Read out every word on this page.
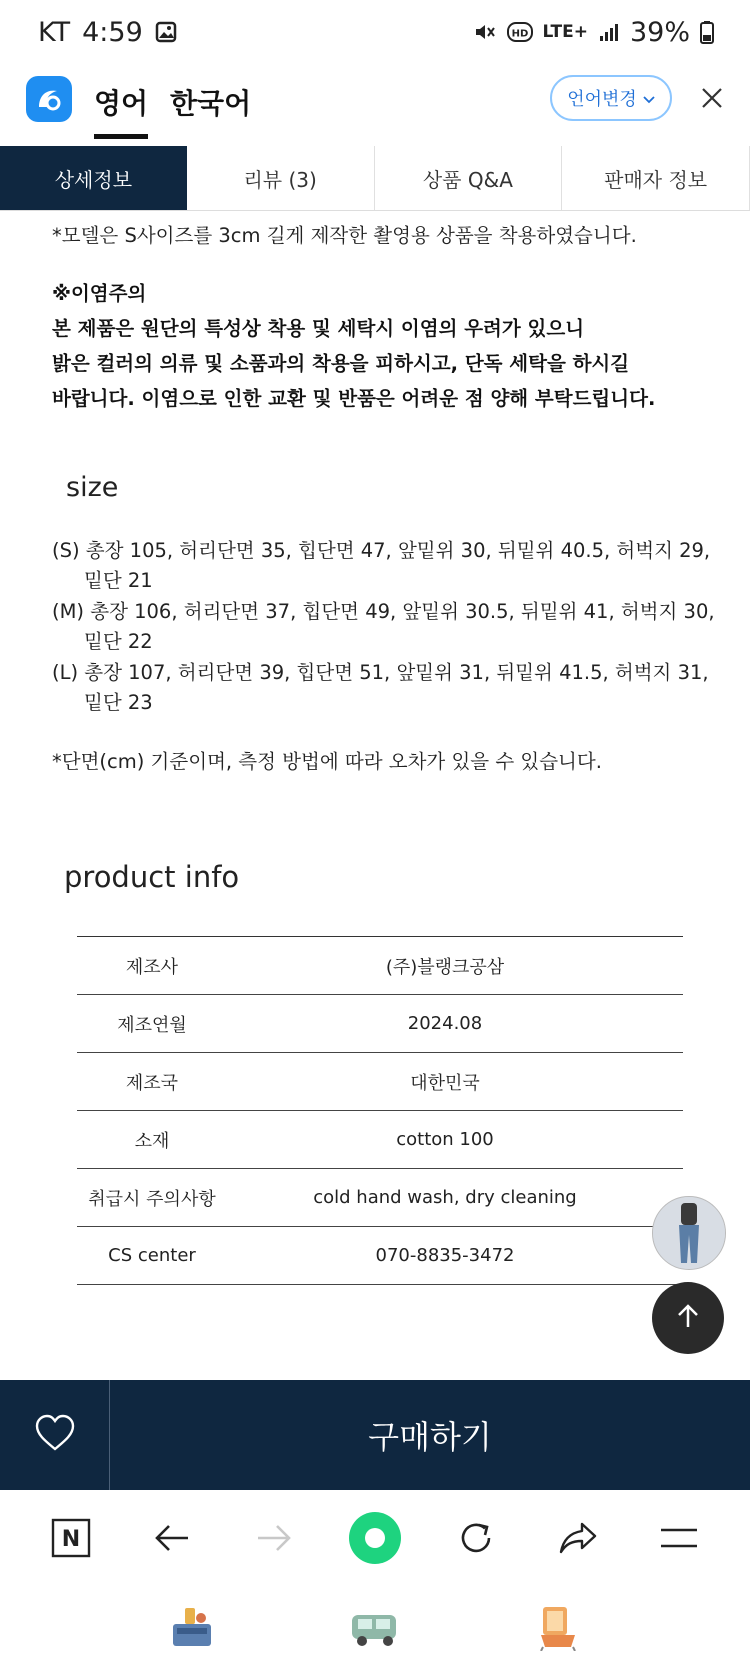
KT 4:59	HD LTE+ 39%
영어 한국어	언어변경
상세정보	리뷰 (3)	상품 Q&A	판매자 정보
*모델은 S사이즈를 3cm 길게 제작한 촬영용 상품을 착용하였습니다.
※이염주의
본 제품은 원단의 특성상 착용 및 세탁시 이염의 우려가 있으니
밝은 컬러의 의류 및 소품과의 착용을 피하시고, 단독 세탁을 하시길
바랍니다. 이염으로 인한 교환 및 반품은 어려운 점 양해 부탁드립니다.
size
(S) 총장 105, 허리단면 35, 힙단면 47, 앞밑위 30, 뒤밑위 40.5, 허벅지 29,
밑단 21
(M) 총장 106, 허리단면 37, 힙단면 49, 앞밑위 30.5, 뒤밑위 41, 허벅지 30,
밑단 22
(L) 총장 107, 허리단면 39, 힙단면 51, 앞밑위 31, 뒤밑위 41.5, 허벅지 31,
밑단 23
*단면(cm) 기준이며, 측정 방법에 따라 오차가 있을 수 있습니다.
product info
제조사	(주)블랭크공삼
제조연월	2024.08
제조국	대한민국
소재	cotton 100
취급시 주의사항	cold hand wash, dry cleaning
CS center	070-8835-3472
구매하기
N
